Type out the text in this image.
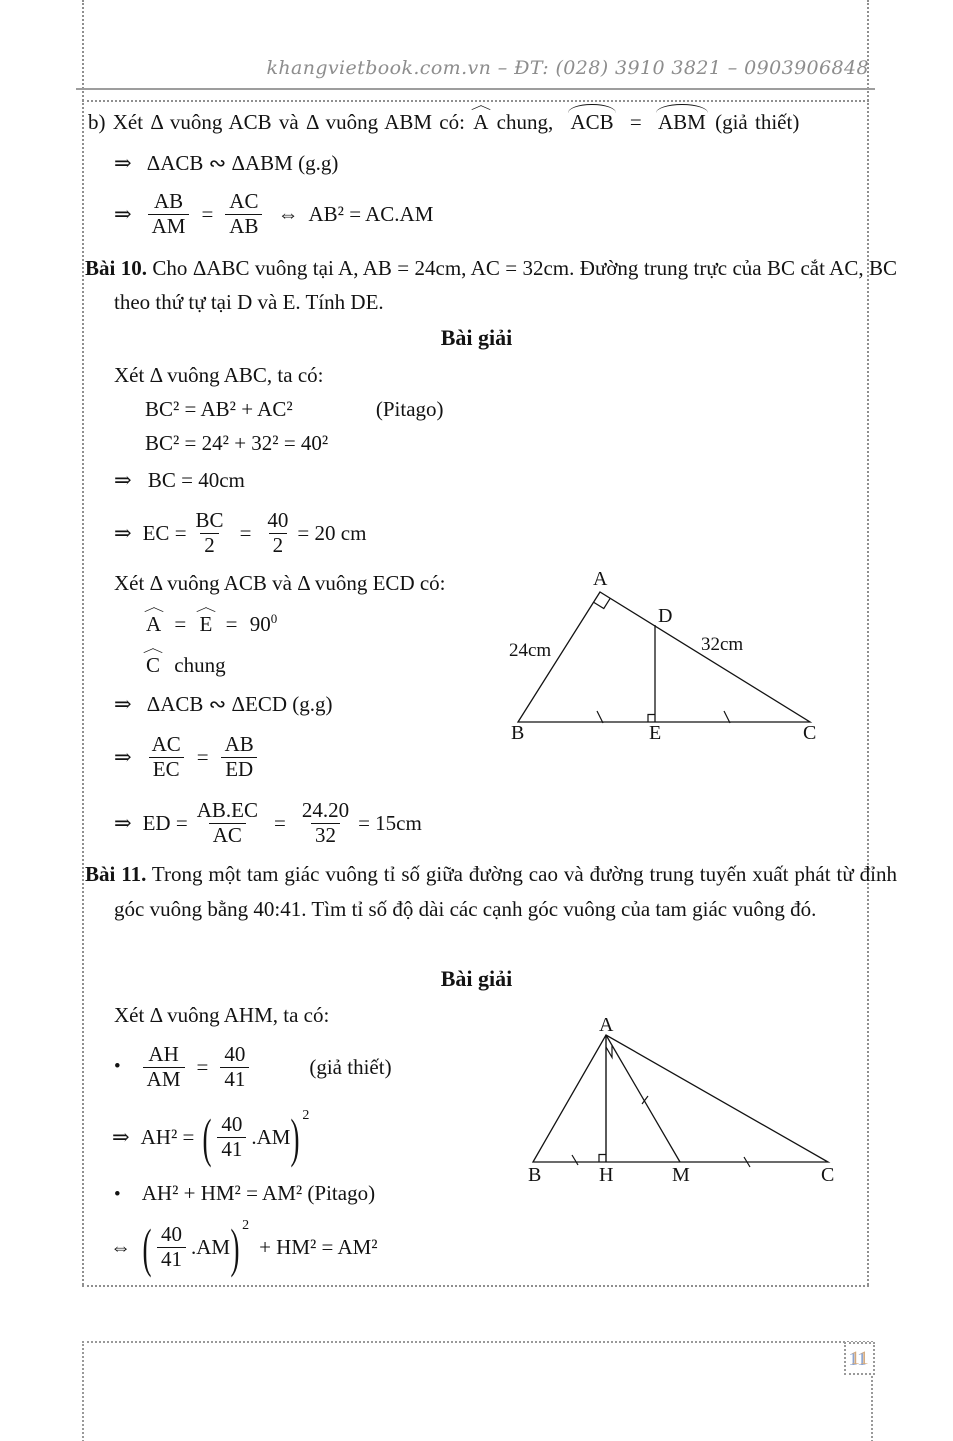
khangvietbook.com.vn – ĐT: (028) 3910 3821 – 0903906848
b) Xét Δ vuông ACB và Δ vuông ABM có: A chung, ACB = ABM (giả thiết)
⇒ ΔACB ∾ ΔABM (g.g)
⇒ $\frac{AB}{AM} = \frac{AC}{AB}$ ⇔ AB² = AC.AM
Bài 10. Cho ΔABC vuông tại A, AB = 24cm, AC = 32cm. Đường trung trực của BC cắt AC, BC theo thứ tự tại D và E. Tính DE.
Bài giải
Xét Δ vuông ABC, ta có:
BC² = AB² + AC²	(Pitago)
BC² = 24² + 32² = 40²
⇒ BC = 40cm
⇒ EC = $\frac{BC}{2} = \frac{40}{2} = 20$ cm
Xét Δ vuông ACB và Δ vuông ECD có:
$A = E = 90^0$
C chung
⇒ ΔACB ∾ ΔECD (g.g)
⇒ $\frac{AC}{EC} = \frac{AB}{ED}$
⇒ ED = $\frac{AB.EC}{AC} = \frac{24.20}{32} = 15cm$
Bài 11. Trong một tam giác vuông tỉ số giữa đường cao và đường trung tuyến xuất phát từ đỉnh góc vuông bằng 40:41. Tìm tỉ số độ dài các cạnh góc vuông của tam giác vuông đó.
Bài giải
Xét Δ vuông AHM, ta có:
• $\frac{AH}{AM} = \frac{40}{41}$	(giả thiết)
⇒ AH² = ( $\frac{40}{41} .AM$ )$^2$
• AH² + HM² = AM² (Pitago)
⇔ ( $\frac{40}{41} .AM$ )$^2$
+ HM² = AM²
A
B	E	C
D
24cm	32cm
A
B	H	M	C
11
